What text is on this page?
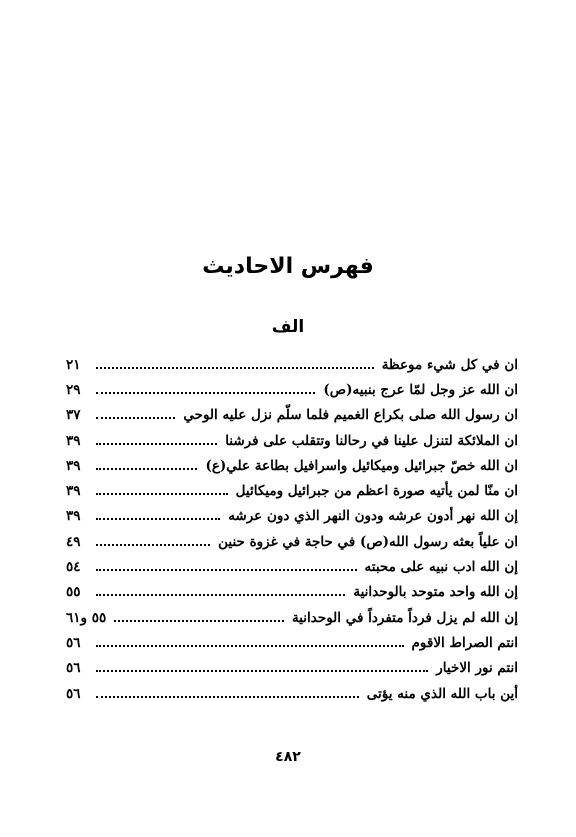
فهرس الاحاديث
الف
ان في كل شيء موعظة
٢١
ان الله عز وجل لمّا عرج بنبيه(ص)
٢٩
ان رسول الله صلى بكراع الغميم فلما سلّم نزل عليه الوحي
٣٧
ان الملائكة لتنزل علينا في رحالنا وتتقلب على فرشنا
٣٩
ان الله خصّ جبرائيل وميكائيل واسرافيل بطاعة علي(ع)
٣٩
ان منّا لمن يأتيه صورة اعظم من جبرائيل وميكائيل
٣٩
إن الله نهر أدون عرشه ودون النهر الذي دون عرشه
٣٩
ان علياً بعثه رسول الله(ص) في حاجة في غزوة حنين
٤٩
إن الله ادب نبيه على محبته
٥٤
إن الله واحد متوحد بالوحدانية
٥٥
إن الله لم يزل فرداً متفرداً في الوحدانية
٥٥ و٦١
انتم الصراط الاقوم
٥٦
انتم نور الاخيار
٥٦
أين باب الله الذي منه يؤتى
٥٦
٤٨٢
